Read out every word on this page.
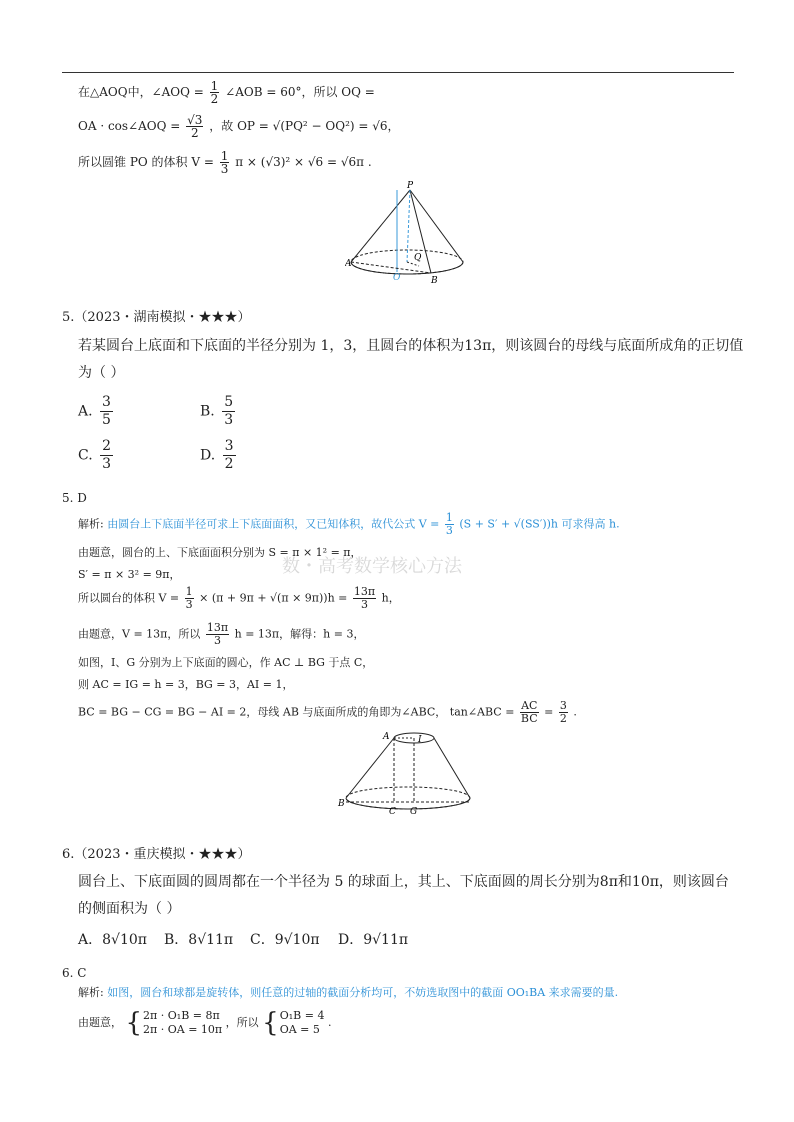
在△AOQ中，∠AOQ = $\frac{1}{2}$ ∠AOB = 60°，所以 OQ =
OA · cos∠AOQ = $\frac{√3}{2}$ ，故 OP = √(PQ² − OQ²) = √6，
所以圆锥 PO 的体积 $V = \frac{1}{3}$ π × (√3)² × √6 = √6π .
P
A
B
Q
O
5.（2023・湖南模拟・★★★）
若某圆台上底面和下底面的半径分别为 1，3，且圆台的体积为13π，则该圆台的母线与底面所成角的正切值
为（ ）
A. $\frac{3}{5}$	B. $\frac{5}{3}$
C. $\frac{2}{3}$	D. $\frac{3}{2}$
5. D
解析: 由圆台上下底面半径可求上下底面面积，又已知体积，故代公式 $V = \frac{1}{3} (S + S' + √(SS'))h$ 可求得高 h.
由题意，圆台的上、下底面面积分别为 S = π × 1² = π，
S′ = π × 3² = 9π，	数・高考数学核心方法
所以圆台的体积 $V = \frac{1}{3} \times (\pi + 9\pi + √(\pi \times 9\pi))h = \frac{13\pi}{3}$ h，
由题意，V = 13π，所以 $\frac{13\pi}{3}$ h = 13π，解得：h = 3，
如图，I、G 分别为上下底面的圆心，作 AC ⊥ BG 于点 C，
则 AC = IG = h = 3，BG = 3，AI = 1，
BC = BG − CG = BG − AI = 2，母线 AB 与底面所成的角即为∠ABC， tan∠ABC = $\frac{AC}{BC} = \frac{3}{2}$ .
A	I
B
C G
6.（2023・重庆模拟・★★★）
圆台上、下底面圆的圆周都在一个半径为 5 的球面上，其上、下底面圆的周长分别为8π和10π，则该圆台
的侧面积为（ ）
A．8√10π B．8√11π C．9√10π D．9√11π
6. C
解析: 如图，圆台和球都是旋转体，则任意的过轴的截面分析均可，不妨选取图中的截面 OO₁BA 来求需要的量.
由题意， { 2π · O₁B = 8π
2π · OA = 10π
，所以 { O₁B = 4
OA = 5
.
